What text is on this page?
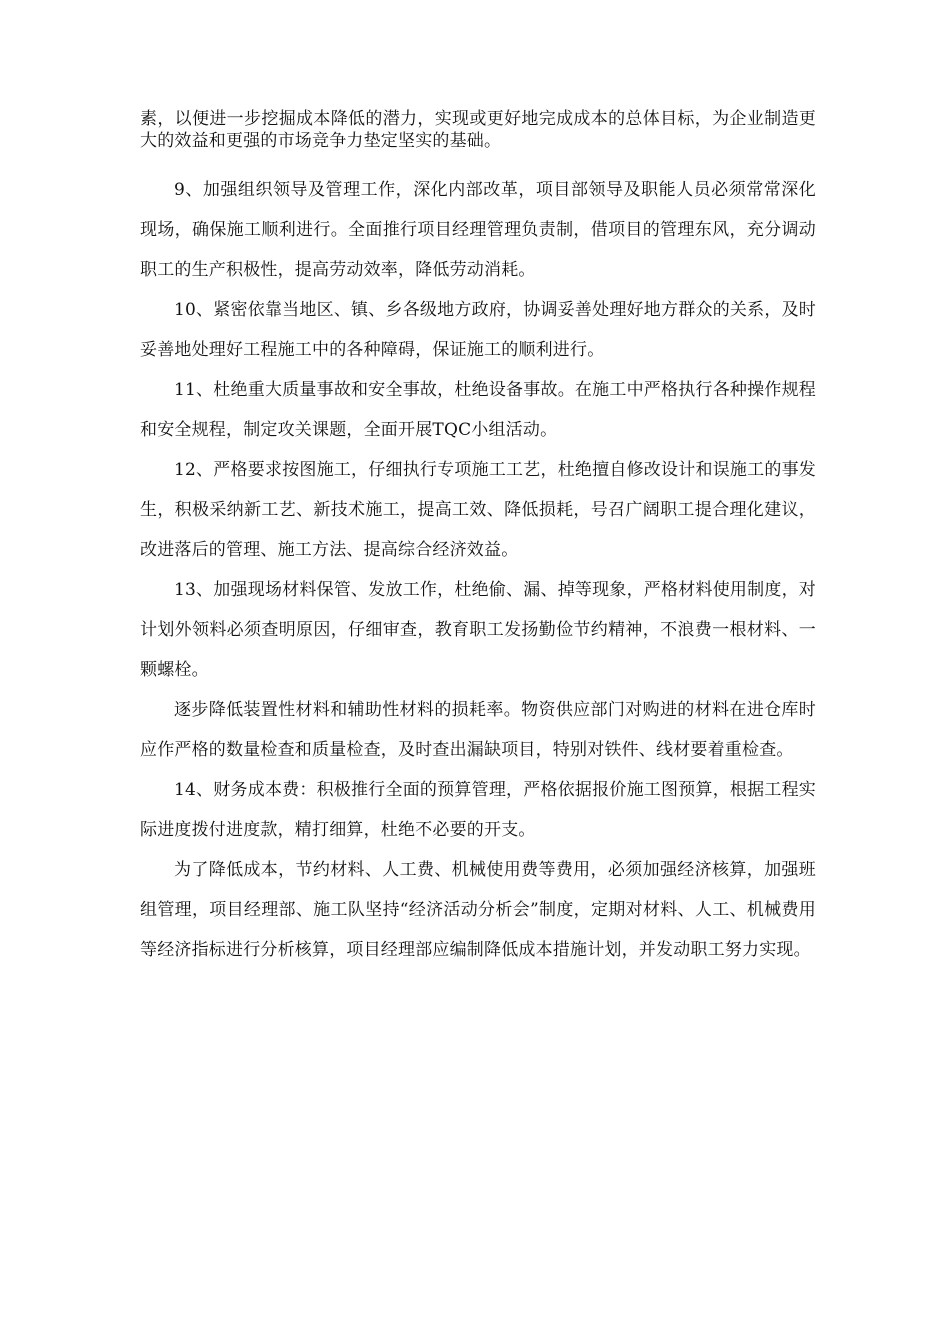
素，以便进一步挖掘成本降低的潜力，实现或更好地完成成本的总体目标，为企业制造更大的效益和更强的市场竞争力垫定坚实的基础。

9、加强组织领导及管理工作，深化内部改革，项目部领导及职能人员必须常常深化现场，确保施工顺利进行。全面推行项目经理管理负责制，借项目的管理东风，充分调动职工的生产积极性，提高劳动效率，降低劳动消耗。

10、紧密依靠当地区、镇、乡各级地方政府，协调妥善处理好地方群众的关系，及时妥善地处理好工程施工中的各种障碍，保证施工的顺利进行。

11、杜绝重大质量事故和安全事故，杜绝设备事故。在施工中严格执行各种操作规程和安全规程，制定攻关课题，全面开展TQC小组活动。

12、严格要求按图施工，仔细执行专项施工工艺，杜绝擅自修改设计和误施工的事发生，积极采纳新工艺、新技术施工，提高工效、降低损耗，号召广阔职工提合理化建议，改进落后的管理、施工方法、提高综合经济效益。

13、加强现场材料保管、发放工作，杜绝偷、漏、掉等现象，严格材料使用制度，对计划外领料必须查明原因，仔细审查，教育职工发扬勤俭节约精神，不浪费一根材料、一颗螺栓。

逐步降低装置性材料和辅助性材料的损耗率。物资供应部门对购进的材料在进仓库时应作严格的数量检查和质量检查，及时查出漏缺项目，特别对铁件、线材要着重检查。

14、财务成本费：积极推行全面的预算管理，严格依据报价施工图预算，根据工程实际进度拨付进度款，精打细算，杜绝不必要的开支。

为了降低成本，节约材料、人工费、机械使用费等费用，必须加强经济核算，加强班组管理，项目经理部、施工队坚持“经济活动分析会”制度，定期对材料、人工、机械费用等经济指标进行分析核算，项目经理部应编制降低成本措施计划，并发动职工努力实现。
